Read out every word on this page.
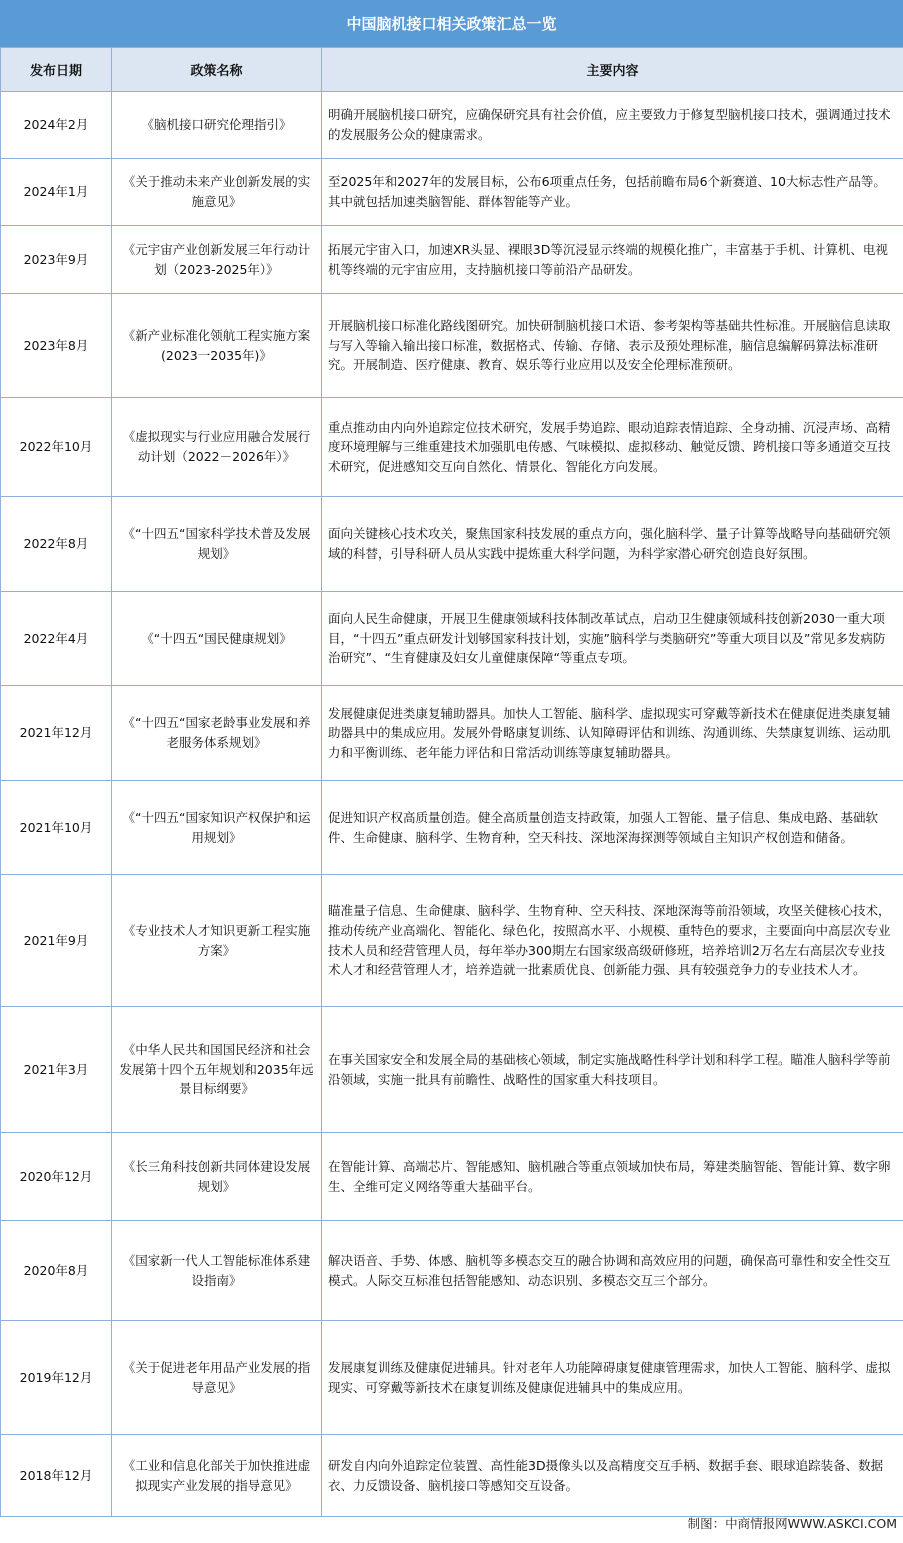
中国脑机接口相关政策汇总一览
发布日期	政策名称	主要内容
2024年2月	《脑机接口研究伦理指引》	明确开展脑机接口研究，应确保研究具有社会价值，应主要致力于修复型脑机接口技术，强调通过技术的发展服务公众的健康需求。
2024年1月	《关于推动未来产业创新发展的实施意见》	至2025年和2027年的发展目标，公布6项重点任务，包括前瞻布局6个新赛道、10大标志性产品等。其中就包括加速类脑智能、群体智能等产业。
2023年9月	《元宇宙产业创新发展三年行动计划（2023-2025年）》	拓展元宇宙入口，加速XR头显、裸眼3D等沉浸显示终端的规模化推广，丰富基于手机、计算机、电视机等终端的元宇宙应用，支持脑机接口等前沿产品研发。
2023年8月	《新产业标准化领航工程实施方案(2023一2035年)》	开展脑机接口标准化路线图研究。加快研制脑机接口术语、参考架构等基础共性标准。开展脑信息读取与写入等输入输出接口标准，数据格式、传输、存储、表示及预处理标准，脑信息编解码算法标准研究。开展制造、医疗健康、教育、娱乐等行业应用以及安全伦理标准预研。
2022年10月	《虚拟现实与行业应用融合发展行动计划（2022－2026年）》	重点推动由内向外追踪定位技术研究，发展手势追踪、眼动追踪表情追踪、全身动捕、沉浸声场、高精度环境理解与三维重建技术加强肌电传感、气味模拟、虚拟移动、触觉反馈、跨机接口等多通道交互技术研究，促进感知交互向自然化、情景化、智能化方向发展。
2022年8月	《“十四五“国家科学技术普及发展规划》	面向关键核心技术攻关，聚焦国家科技发展的重点方向，强化脑科学、量子计算等战略导向基础研究领域的科替，引导科研人员从实践中提炼重大科学问题，为科学家潜心研究创造良好氛围。
2022年4月	《“十四五“国民健康规划》	面向人民生命健康，开展卫生健康领域科技体制改革试点，启动卫生健康领域科技创新2030一重大项目，“十四五”重点研发计划够国家科技计划，实施”脑科学与类脑研究”等重大项目以及”常见多发病防治研究”、“生育健康及妇女儿童健康保障“等重点专项。
2021年12月	《“十四五“国家老龄事业发展和养老服务体系规划》	发展健康促进类康复辅助器具。加快人工智能、脑科学、虚拟现实可穿戴等新技术在健康促进类康复辅助器具中的集成应用。发展外骨略康复训练、认知障碍评估和训练、沟通训练、失禁康复训练、运动肌力和平衡训练、老年能力评估和日常活动训练等康复辅助器具。
2021年10月	《“十四五“国家知识产权保护和运用规划》	促进知识产权高质量创造。健全高质量创造支持政策，加强人工智能、量子信息、集成电路、基础软件、生命健康、脑科学、生物育种，空天科技、深地深海探测等领域自主知识产权创造和储备。
2021年9月	《专业技术人才知识更新工程实施方案》	瞄准量子信息、生命健康、脑科学、生物育种、空天科技、深地深海等前沿领域，攻坚关健核心技术，推动传统产业高端化、智能化、绿色化，按照高水平、小规模、重特色的要求，主要面向中高层次专业技术人员和经营管理人员，每年举办300期左右国家级高级研修班，培养培训2万名左右高层次专业技术人才和经营管理人才，培养造就一批素质优良、创新能力强、具有较强竞争力的专业技术人才。
2021年3月	《中华人民共和国国民经济和社会发展第十四个五年规划和2035年远景目标纲要》	在事关国家安全和发展全局的基础核心领域，制定实施战略性科学计划和科学工程。瞄准人脑科学等前沿领域，实施一批具有前瞻性、战略性的国家重大科技项目。
2020年12月	《长三角科技创新共同体建设发展规划》	在智能计算、高端芯片、智能感知、脑机融合等重点领域加快布局，筹建类脑智能、智能计算、数字卵生、全维可定义网络等重大基础平台。
2020年8月	《国家新一代人工智能标准体系建设指南》	解决语音、手势、体感、脑机等多模态交互的融合协调和高效应用的问题，确保高可靠性和安全性交互模式。人际交互标准包括智能感知、动态识别、多模态交互三个部分。
2019年12月	《关于促进老年用品产业发展的指导意见》	发展康复训练及健康促进辅具。针对老年人功能障碍康复健康管理需求，加快人工智能、脑科学、虚拟现实、可穿戴等新技术在康复训练及健康促进辅具中的集成应用。
2018年12月	《工业和信息化部关于加快推进虚拟现实产业发展的指导意见》	研发自内向外追踪定位装置、高性能3D摄像头以及高精度交互手柄、数据手套、眼球追踪装备、数据衣、力反馈设备、脑机接口等感知交互设备。
制图：中商情报网WWW.ASKCI.COM
